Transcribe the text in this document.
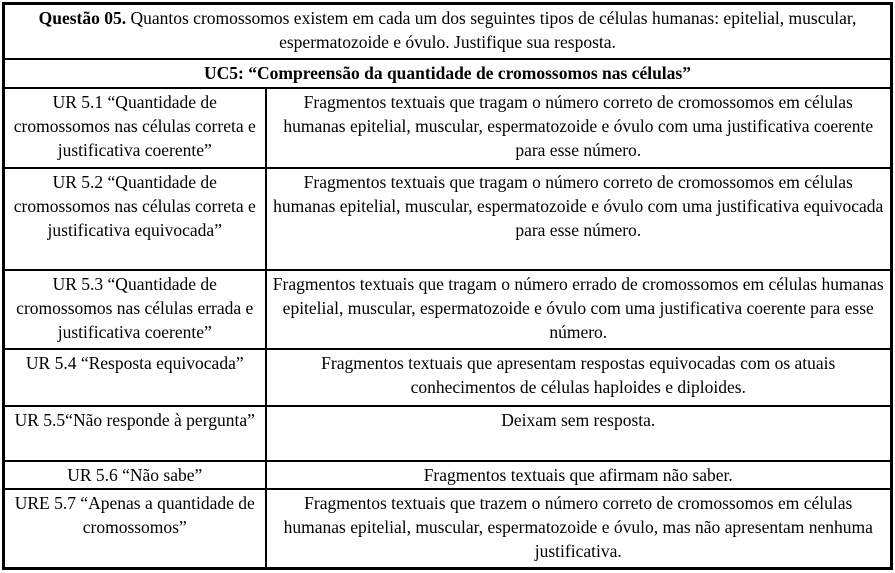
Questão 05. Quantos cromossomos existem em cada um dos seguintes tipos de células humanas: epitelial, muscular, espermatozoide e óvulo. Justifique sua resposta.	
UC5: “Compreensão da quantidade de cromossomos nas células”	
UR 5.1 “Quantidade de cromossomos nas células correta e justificativa coerente”	Fragmentos textuais que tragam o número correto de cromossomos em células humanas epitelial, muscular, espermatozoide e óvulo com uma justificativa coerente para esse número.
UR 5.2 “Quantidade de cromossomos nas células correta e justificativa equivocada”	Fragmentos textuais que tragam o número correto de cromossomos em células humanas epitelial, muscular, espermatozoide e óvulo com uma justificativa equivocada para esse número.
UR 5.3 “Quantidade de cromossomos nas células errada e justificativa coerente”	Fragmentos textuais que tragam o número errado de cromossomos em células humanas epitelial, muscular, espermatozoide e óvulo com uma justificativa coerente para esse número.
UR 5.4 “Resposta equivocada”	Fragmentos textuais que apresentam respostas equivocadas com os atuais conhecimentos de células haploides e diploides.
UR 5.5“Não responde à pergunta”	Deixam sem resposta.
UR 5.6 “Não sabe”	Fragmentos textuais que afirmam não saber.
URE 5.7 “Apenas a quantidade de cromossomos”	Fragmentos textuais que trazem o número correto de cromossomos em células humanas epitelial, muscular, espermatozoide e óvulo, mas não apresentam nenhuma justificativa.
